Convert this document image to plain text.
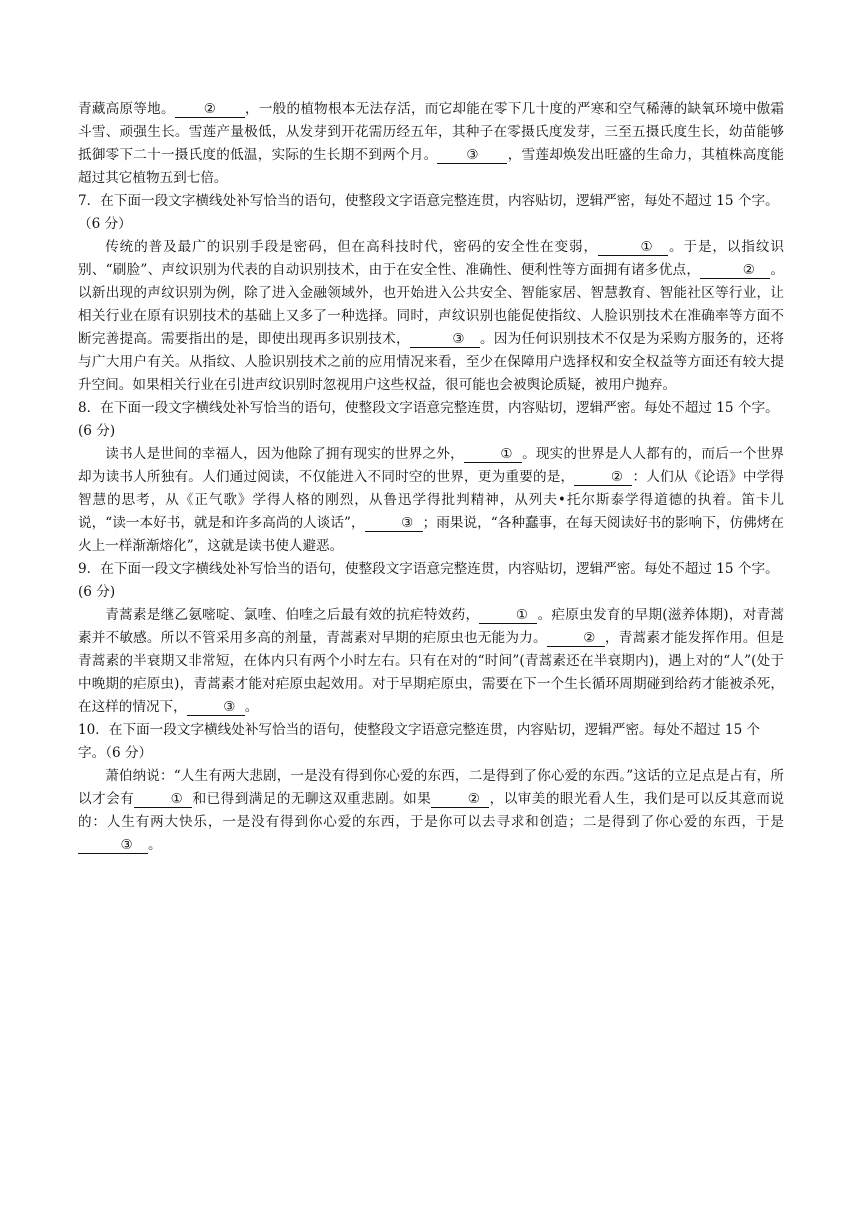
青藏高原等地。 ② ，一般的植物根本无法存活，而它却能在零下几十度的严寒和空气稀薄的缺氧环境中傲霜斗雪、顽强生长。雪莲产量极低，从发芽到开花需历经五年，其种子在零摄氏度发芽，三至五摄氏度生长，幼苗能够抵御零下二十一摄氏度的低温，实际的生长期不到两个月。 ③ ，雪莲却焕发出旺盛的生命力，其植株高度能超过其它植物五到七倍。

7．在下面一段文字横线处补写恰当的语句，使整段文字语意完整连贯，内容贴切，逻辑严密，每处不超过 15 个字。（6 分）

传统的普及最广的识别手段是密码，但在高科技时代，密码的安全性在变弱，	① 。于是，以指纹识别、“刷脸”、声纹识别为代表的自动识别技术，由于在安全性、准确性、便利性等方面拥有诸多优点，	② 。以新出现的声纹识别为例，除了进入金融领域外，也开始进入公共安全、智能家居、智慧教育、智能社区等行业，让相关行业在原有识别技术的基础上又多了一种选择。同时，声纹识别也能促使指纹、人脸识别技术在准确率等方面不断完善提高。需要指出的是，即使出现再多识别技术，	③ 。因为任何识别技术不仅是为采购方服务的，还将与广大用户有关。从指纹、人脸识别技术之前的应用情况来看，至少在保障用户选择权和安全权益等方面还有较大提升空间。如果相关行业在引进声纹识别时忽视用户这些权益，很可能也会被舆论质疑，被用户抛弃。

8．在下面一段文字横线处补写恰当的语句，使整段文字语意完整连贯，内容贴切，逻辑严密。每处不超过 15 个字。(6 分)

读书人是世间的幸福人，因为他除了拥有现实的世界之外，	① 。现实的世界是人人都有的，而后一个世界却为读书人所独有。人们通过阅读，不仅能进入不同时空的世界，更为重要的是，	② ：人们从《论语》中学得智慧的思考，从《正气歌》学得人格的刚烈，从鲁迅学得批判精神，从列夫•托尔斯泰学得道德的执着。笛卡儿说，“读一本好书，就是和许多高尚的人谈话”，	③ ；雨果说，“各种蠢事，在每天阅读好书的影响下，仿佛烤在火上一样渐渐熔化”，这就是读书使人避恶。

9．在下面一段文字横线处补写恰当的语句，使整段文字语意完整连贯，内容贴切，逻辑严密。每处不超过 15 个字。(6 分)

青蒿素是继乙氨嘧啶、氯喹、伯喹之后最有效的抗疟特效药，	① 。疟原虫发育的早期(滋养体期)，对青蒿素并不敏感。所以不管采用多高的剂量，青蒿素对早期的疟原虫也无能为力。	② ，青蒿素才能发挥作用。但是青蒿素的半衰期又非常短，在体内只有两个小时左右。只有在对的“时间”(青蒿素还在半衰期内)，遇上对的“人”(处于中晚期的疟原虫)，青蒿素才能对疟原虫起效用。对于早期疟原虫，需要在下一个生长循环周期碰到给药才能被杀死，在这样的情况下，	③ 。

10．在下面一段文字横线处补写恰当的语句，使整段文字语意完整连贯，内容贴切，逻辑严密。每处不超过 15 个字。（6 分）

萧伯纳说：“人生有两大悲剧，一是没有得到你心爱的东西，二是得到了你心爱的东西。”这话的立足点是占有，所以才会有	① 和已得到满足的无聊这双重悲剧。如果	② ，以审美的眼光看人生，我们是可以反其意而说的：人生有两大快乐，一是没有得到你心爱的东西，于是你可以去寻求和创造；二是得到了你心爱的东西，于是③ 。
